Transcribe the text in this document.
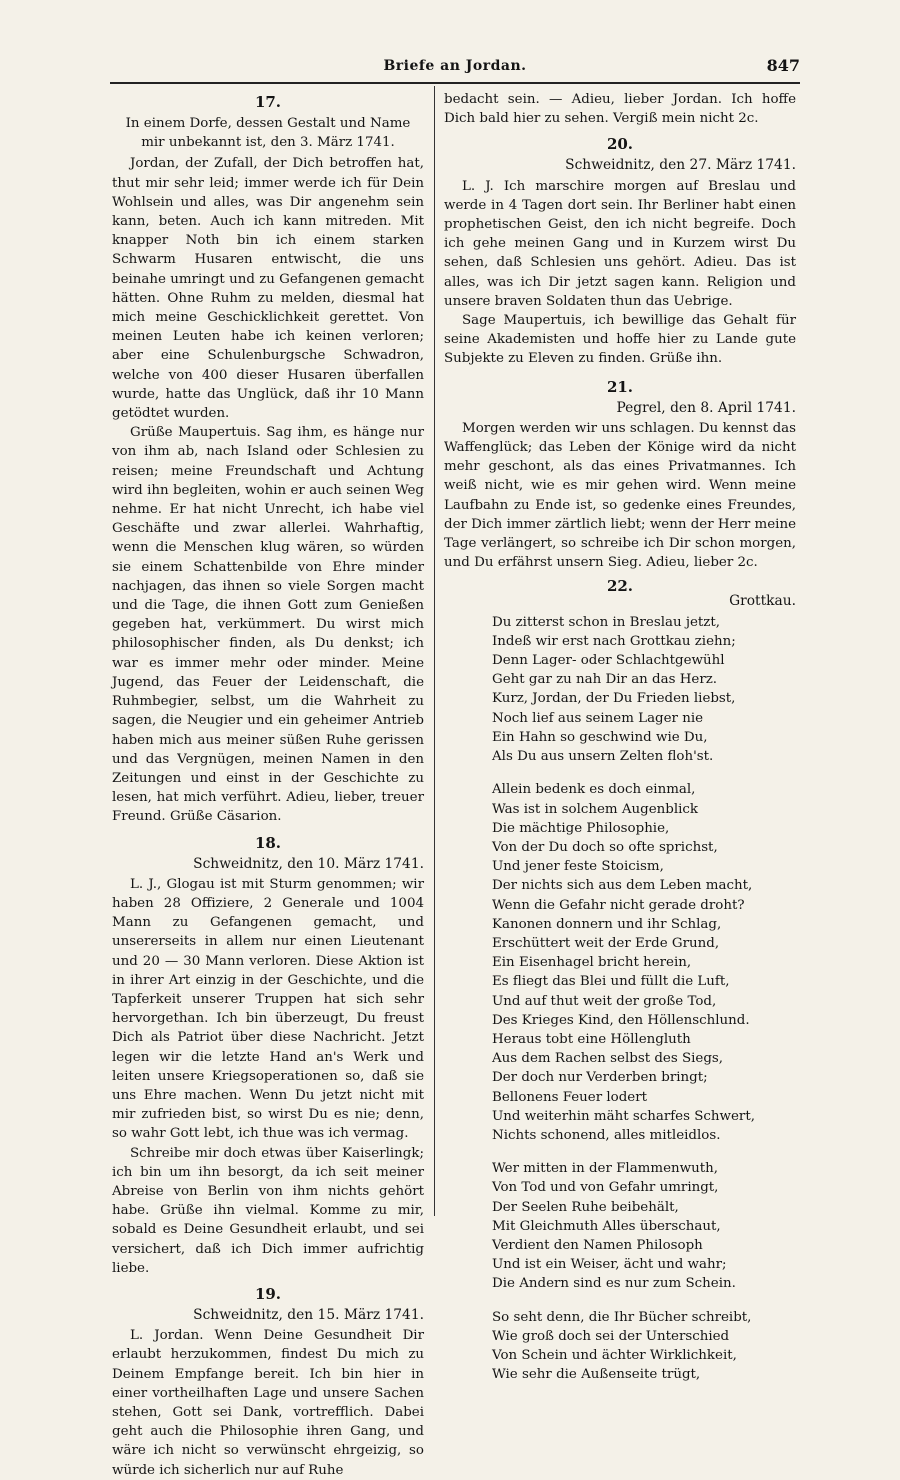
Briefe an Jordan.	847
17.
In einem Dorfe, dessen Gestalt und Name
mir unbekannt ist, den 3. März 1741.

Jordan, der Zufall, der Dich betroffen hat, thut mir sehr leid; immer werde ich für Dein Wohlsein und alles, was Dir angenehm sein kann, beten. Auch ich kann mitreden. Mit knapper Noth bin ich einem starken Schwarm Husaren entwischt, die uns beinahe umringt und zu Gefangenen gemacht hätten. Ohne Ruhm zu melden, diesmal hat mich meine Geschicklichkeit gerettet. Von meinen Leuten habe ich keinen verloren; aber eine Schulenburgsche Schwadron, welche von 400 dieser Husaren überfallen wurde, hatte das Unglück, daß ihr 10 Mann getödtet wurden.

Grüße Maupertuis. Sag ihm, es hänge nur von ihm ab, nach Island oder Schlesien zu reisen; meine Freundschaft und Achtung wird ihn begleiten, wohin er auch seinen Weg nehme. Er hat nicht Unrecht, ich habe viel Geschäfte und zwar allerlei. Wahrhaftig, wenn die Menschen klug wären, so würden sie einem Schattenbilde von Ehre minder nachjagen, das ihnen so viele Sorgen macht und die Tage, die ihnen Gott zum Genießen gegeben hat, verkümmert. Du wirst mich philosophischer finden, als Du denkst; ich war es immer mehr oder minder. Meine Jugend, das Feuer der Leidenschaft, die Ruhmbegier, selbst, um die Wahrheit zu sagen, die Neugier und ein geheimer Antrieb haben mich aus meiner süßen Ruhe gerissen und das Vergnügen, meinen Namen in den Zeitungen und einst in der Geschichte zu lesen, hat mich verführt. Adieu, lieber, treuer Freund. Grüße Cäsarion.

18.
Schweidnitz, den 10. März 1741.

L. J., Glogau ist mit Sturm genommen; wir haben 28 Offiziere, 2 Generale und 1004 Mann zu Gefangenen gemacht, und unsererseits in allem nur einen Lieutenant und 20 — 30 Mann verloren. Diese Aktion ist in ihrer Art einzig in der Geschichte, und die Tapferkeit unserer Truppen hat sich sehr hervorgethan. Ich bin überzeugt, Du freust Dich als Patriot über diese Nachricht. Jetzt legen wir die letzte Hand an's Werk und leiten unsere Kriegsoperationen so, daß sie uns Ehre machen. Wenn Du jetzt nicht mit mir zufrieden bist, so wirst Du es nie; denn, so wahr Gott lebt, ich thue was ich vermag.

Schreibe mir doch etwas über Kaiserlingk; ich bin um ihn besorgt, da ich seit meiner Abreise von Berlin von ihm nichts gehört habe. Grüße ihn vielmal. Komme zu mir, sobald es Deine Gesundheit erlaubt, und sei versichert, daß ich Dich immer aufrichtig liebe.

19.
Schweidnitz, den 15. März 1741.

L. Jordan. Wenn Deine Gesundheit Dir erlaubt herzukommen, findest Du mich zu Deinem Empfange bereit. Ich bin hier in einer vortheilhaften Lage und unsere Sachen stehen, Gott sei Dank, vortrefflich. Dabei geht auch die Philosophie ihren Gang, und wäre ich nicht so verwünscht ehrgeizig, so würde ich sicherlich nur auf Ruhe

bedacht sein. — Adieu, lieber Jordan. Ich hoffe Dich bald hier zu sehen. Vergiß mein nicht 2c.

20.
Schweidnitz, den 27. März 1741.

L. J. Ich marschire morgen auf Breslau und werde in 4 Tagen dort sein. Ihr Berliner habt einen prophetischen Geist, den ich nicht begreife. Doch ich gehe meinen Gang und in Kurzem wirst Du sehen, daß Schlesien uns gehört. Adieu. Das ist alles, was ich Dir jetzt sagen kann. Religion und unsere braven Soldaten thun das Uebrige.

Sage Maupertuis, ich bewillige das Gehalt für seine Akademisten und hoffe hier zu Lande gute Subjekte zu Eleven zu finden. Grüße ihn.

21.
Pegrel, den 8. April 1741.

Morgen werden wir uns schlagen. Du kennst das Waffenglück; das Leben der Könige wird da nicht mehr geschont, als das eines Privatmannes. Ich weiß nicht, wie es mir gehen wird. Wenn meine Laufbahn zu Ende ist, so gedenke eines Freundes, der Dich immer zärtlich liebt; wenn der Herr meine Tage verlängert, so schreibe ich Dir schon morgen, und Du erfährst unsern Sieg. Adieu, lieber 2c.

22.
Grottkau.
Du zitterst schon in Breslau jetzt,
Indeß wir erst nach Grottkau ziehn;
Denn Lager- oder Schlachtgewühl
Geht gar zu nah Dir an das Herz.
Kurz, Jordan, der Du Frieden liebst,
Noch lief aus seinem Lager nie
Ein Hahn so geschwind wie Du,
Als Du aus unsern Zelten floh'st.
Allein bedenk es doch einmal,
Was ist in solchem Augenblick
Die mächtige Philosophie,
Von der Du doch so ofte sprichst,
Und jener feste Stoicism,
Der nichts sich aus dem Leben macht,
Wenn die Gefahr nicht gerade droht?
Kanonen donnern und ihr Schlag,
Erschüttert weit der Erde Grund,
Ein Eisenhagel bricht herein,
Es fliegt das Blei und füllt die Luft,
Und auf thut weit der große Tod,
Des Krieges Kind, den Höllenschlund.
Heraus tobt eine Höllengluth
Aus dem Rachen selbst des Siegs,
Der doch nur Verderben bringt;
Bellonens Feuer lodert
Und weiterhin mäht scharfes Schwert,
Nichts schonend, alles mitleidlos.
Wer mitten in der Flammenwuth,
Von Tod und von Gefahr umringt,
Der Seelen Ruhe beibehält,
Mit Gleichmuth Alles überschaut,
Verdient den Namen Philosoph
Und ist ein Weiser, ächt und wahr;
Die Andern sind es nur zum Schein.
So seht denn, die Ihr Bücher schreibt,
Wie groß doch sei der Unterschied
Von Schein und ächter Wirklichkeit,
Wie sehr die Außenseite trügt,
